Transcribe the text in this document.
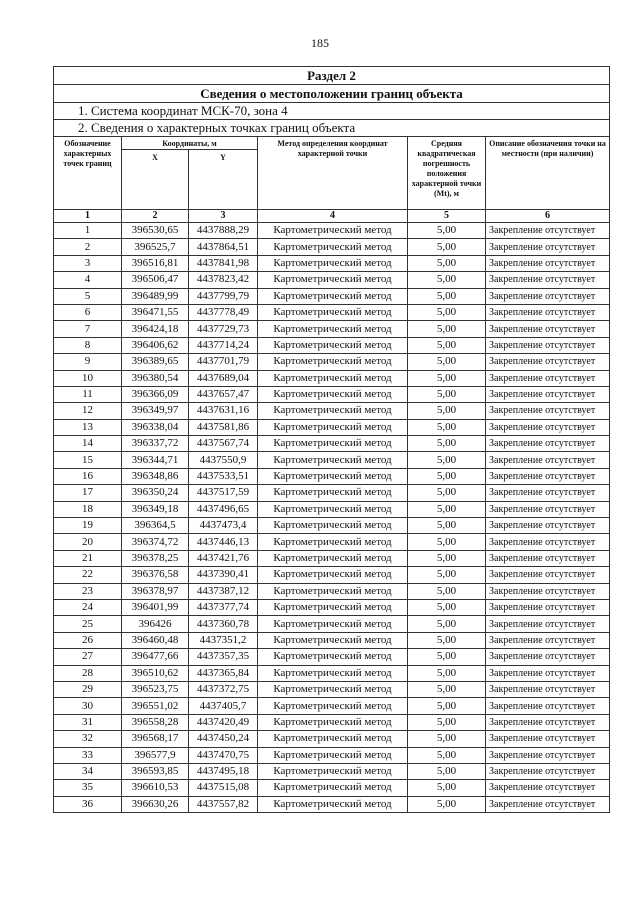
185
Раздел 2					
Сведения о местоположении границ объекта					
1. Система координат МСК-70, зона 4					
2. Сведения о характерных точках границ объекта					
Обозначение характерных точек границ	Координаты, м		Метод определения координат характерной точки	Средняя квадратическая погрешность положения характерной точки (Mt), м	Описание обозначения точки на местности (при наличии)
	X	Y			
1	2	3	4	5	6
1	396530,65	4437888,29	Картометрический метод	5,00	Закрепление отсутствует
2	396525,7	4437864,51	Картометрический метод	5,00	Закрепление отсутствует
3	396516,81	4437841,98	Картометрический метод	5,00	Закрепление отсутствует
4	396506,47	4437823,42	Картометрический метод	5,00	Закрепление отсутствует
5	396489,99	4437799,79	Картометрический метод	5,00	Закрепление отсутствует
6	396471,55	4437778,49	Картометрический метод	5,00	Закрепление отсутствует
7	396424,18	4437729,73	Картометрический метод	5,00	Закрепление отсутствует
8	396406,62	4437714,24	Картометрический метод	5,00	Закрепление отсутствует
9	396389,65	4437701,79	Картометрический метод	5,00	Закрепление отсутствует
10	396380,54	4437689,04	Картометрический метод	5,00	Закрепление отсутствует
11	396366,09	4437657,47	Картометрический метод	5,00	Закрепление отсутствует
12	396349,97	4437631,16	Картометрический метод	5,00	Закрепление отсутствует
13	396338,04	4437581,86	Картометрический метод	5,00	Закрепление отсутствует
14	396337,72	4437567,74	Картометрический метод	5,00	Закрепление отсутствует
15	396344,71	4437550,9	Картометрический метод	5,00	Закрепление отсутствует
16	396348,86	4437533,51	Картометрический метод	5,00	Закрепление отсутствует
17	396350,24	4437517,59	Картометрический метод	5,00	Закрепление отсутствует
18	396349,18	4437496,65	Картометрический метод	5,00	Закрепление отсутствует
19	396364,5	4437473,4	Картометрический метод	5,00	Закрепление отсутствует
20	396374,72	4437446,13	Картометрический метод	5,00	Закрепление отсутствует
21	396378,25	4437421,76	Картометрический метод	5,00	Закрепление отсутствует
22	396376,58	4437390,41	Картометрический метод	5,00	Закрепление отсутствует
23	396378,97	4437387,12	Картометрический метод	5,00	Закрепление отсутствует
24	396401,99	4437377,74	Картометрический метод	5,00	Закрепление отсутствует
25	396426	4437360,78	Картометрический метод	5,00	Закрепление отсутствует
26	396460,48	4437351,2	Картометрический метод	5,00	Закрепление отсутствует
27	396477,66	4437357,35	Картометрический метод	5,00	Закрепление отсутствует
28	396510,62	4437365,84	Картометрический метод	5,00	Закрепление отсутствует
29	396523,75	4437372,75	Картометрический метод	5,00	Закрепление отсутствует
30	396551,02	4437405,7	Картометрический метод	5,00	Закрепление отсутствует
31	396558,28	4437420,49	Картометрический метод	5,00	Закрепление отсутствует
32	396568,17	4437450,24	Картометрический метод	5,00	Закрепление отсутствует
33	396577,9	4437470,75	Картометрический метод	5,00	Закрепление отсутствует
34	396593,85	4437495,18	Картометрический метод	5,00	Закрепление отсутствует
35	396610,53	4437515,08	Картометрический метод	5,00	Закрепление отсутствует
36	396630,26	4437557,82	Картометрический метод	5,00	Закрепление отсутствует
